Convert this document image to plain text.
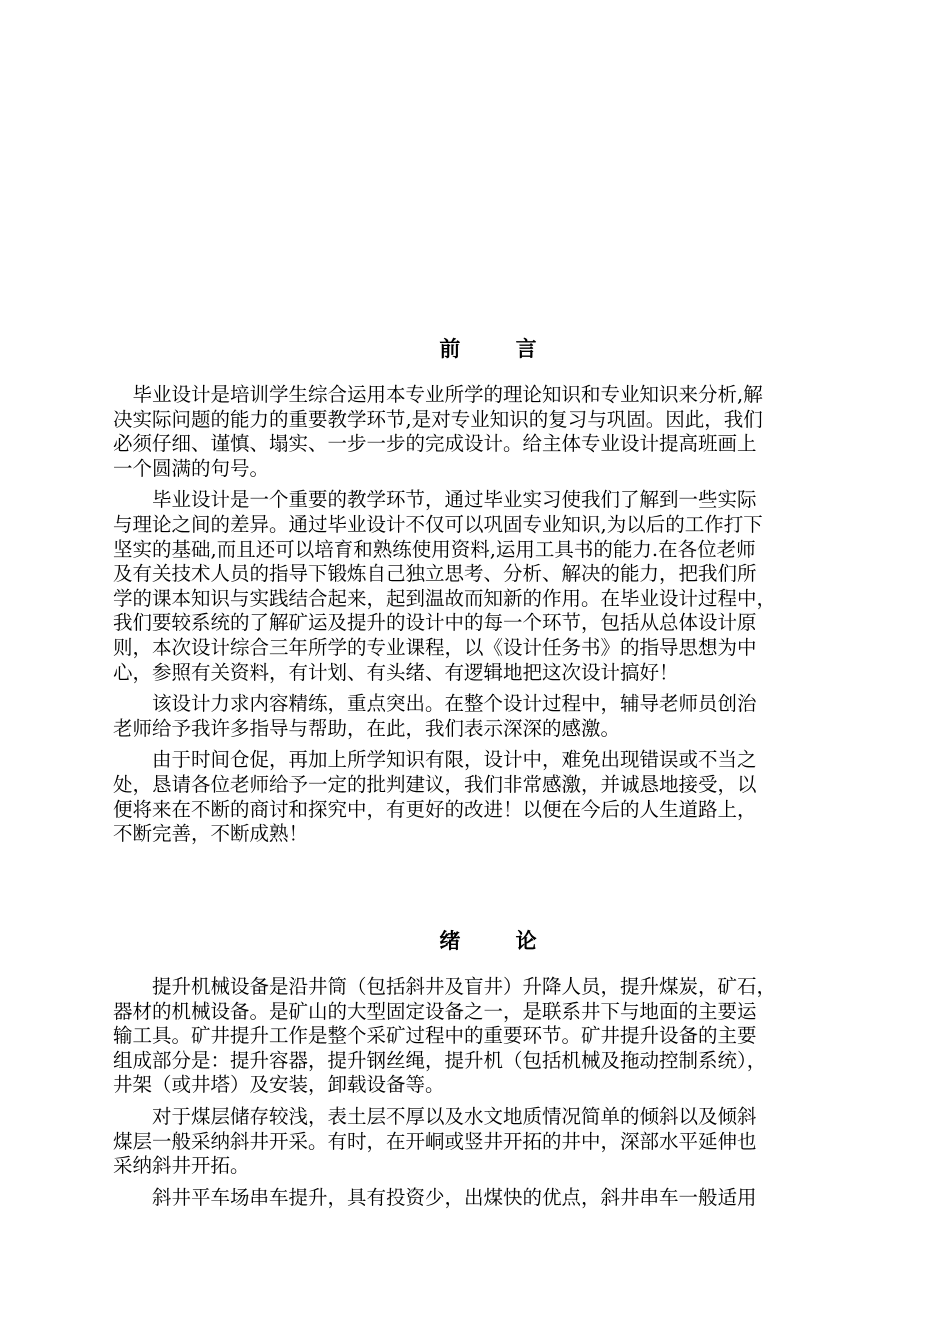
前 言
　毕业设计是培训学生综合运用本专业所学的理论知识和专业知识来分析,解
决实际问题的能力的重要教学环节,是对专业知识的复习与巩固。因此，我们
必须仔细、谨慎、塌实、一步一步的完成设计。给主体专业设计提高班画上
一个圆满的句号。
　　毕业设计是一个重要的教学环节，通过毕业实习使我们了解到一些实际
与理论之间的差异。通过毕业设计不仅可以巩固专业知识,为以后的工作打下
坚实的基础,而且还可以培育和熟练使用资料,运用工具书的能力.在各位老师
及有关技术人员的指导下锻炼自己独立思考、分析、解决的能力，把我们所
学的课本知识与实践结合起来，起到温故而知新的作用。在毕业设计过程中，
我们要较系统的了解矿运及提升的设计中的每一个环节，包括从总体设计原
则，本次设计综合三年所学的专业课程，以《设计任务书》的指导思想为中
心，参照有关资料，有计划、有头绪、有逻辑地把这次设计搞好！
　　该设计力求内容精练，重点突出。在整个设计过程中，辅导老师员创治
老师给予我许多指导与帮助，在此，我们表示深深的感激。
　　由于时间仓促，再加上所学知识有限，设计中，难免出现错误或不当之
处，恳请各位老师给予一定的批判建议，我们非常感激，并诚恳地接受，以
便将来在不断的商讨和探究中，有更好的改进！以便在今后的人生道路上，
不断完善，不断成熟！
绪 论
　　提升机械设备是沿井筒（包括斜井及盲井）升降人员，提升煤炭，矿石，
器材的机械设备。是矿山的大型固定设备之一，是联系井下与地面的主要运
输工具。矿井提升工作是整个采矿过程中的重要环节。矿井提升设备的主要
组成部分是：提升容器，提升钢丝绳，提升机（包括机械及拖动控制系统），
井架（或井塔）及安装，卸载设备等。
　　对于煤层储存较浅，表土层不厚以及水文地质情况简单的倾斜以及倾斜
煤层一般采纳斜井开采。有时，在开峒或竖井开拓的井中，深部水平延伸也
采纳斜井开拓。
　　斜井平车场串车提升，具有投资少，出煤快的优点，斜井串车一般适用
